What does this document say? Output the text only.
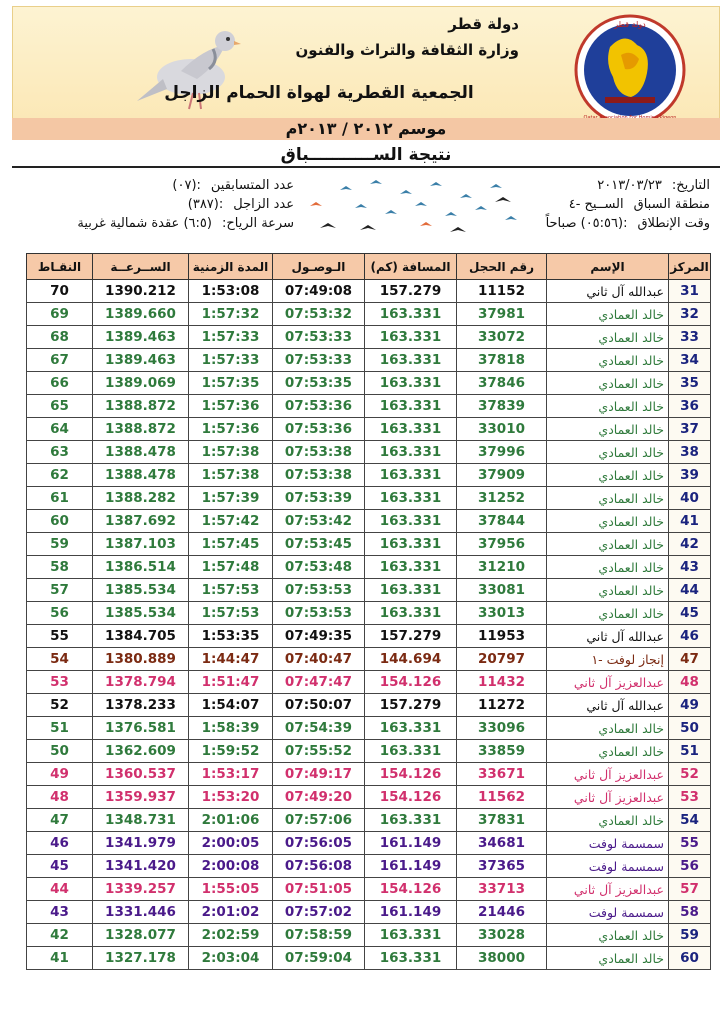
دولة قطر
وزارة الثقافة والتراث والفنون
الجمعية القطرية لهواة الحمام الزاجل
دولة قطر
موسم ٢٠١٢ / ٢٠١٣م
نتيجة الســـــــــــباق
التاريخ:
٢٠١٣/٠٣/٢٣
منطقة السباق
الســيح -٤
وقت الإنطلاق
:(٠٥:٥٦) صباحاً
عدد المتسابقين
:(٠٧)
عدد الزاجل
:(٣٨٧)
سرعة الرياح:
(٦:٥) عقدة شمالية غربية
المركز	الإسم	رقم الحجل	المسافة (كم)	الـوصـول	المدة الزمنية	الســرعــة	النقـاط
31	عبدالله آل ثاني	11152	157.279	07:49:08	1:53:08	1390.212	70
32	خالد العمادي	37981	163.331	07:53:32	1:57:32	1389.660	69
33	خالد العمادي	33072	163.331	07:53:33	1:57:33	1389.463	68
34	خالد العمادي	37818	163.331	07:53:33	1:57:33	1389.463	67
35	خالد العمادي	37846	163.331	07:53:35	1:57:35	1389.069	66
36	خالد العمادي	37839	163.331	07:53:36	1:57:36	1388.872	65
37	خالد العمادي	33010	163.331	07:53:36	1:57:36	1388.872	64
38	خالد العمادي	37996	163.331	07:53:38	1:57:38	1388.478	63
39	خالد العمادي	37909	163.331	07:53:38	1:57:38	1388.478	62
40	خالد العمادي	31252	163.331	07:53:39	1:57:39	1388.282	61
41	خالد العمادي	37844	163.331	07:53:42	1:57:42	1387.692	60
42	خالد العمادي	37956	163.331	07:53:45	1:57:45	1387.103	59
43	خالد العمادي	31210	163.331	07:53:48	1:57:48	1386.514	58
44	خالد العمادي	33081	163.331	07:53:53	1:57:53	1385.534	57
45	خالد العمادي	33013	163.331	07:53:53	1:57:53	1385.534	56
46	عبدالله آل ثاني	11953	157.279	07:49:35	1:53:35	1384.705	55
47	إنجاز لوفت -١	20797	144.694	07:40:47	1:44:47	1380.889	54
48	عبدالعزيز آل ثاني	11432	154.126	07:47:47	1:51:47	1378.794	53
49	عبدالله آل ثاني	11272	157.279	07:50:07	1:54:07	1378.233	52
50	خالد العمادي	33096	163.331	07:54:39	1:58:39	1376.581	51
51	خالد العمادي	33859	163.331	07:55:52	1:59:52	1362.609	50
52	عبدالعزيز آل ثاني	33671	154.126	07:49:17	1:53:17	1360.537	49
53	عبدالعزيز آل ثاني	11562	154.126	07:49:20	1:53:20	1359.937	48
54	خالد العمادي	37831	163.331	07:57:06	2:01:06	1348.731	47
55	سمسمة لوفت	34681	161.149	07:56:05	2:00:05	1341.979	46
56	سمسمة لوفت	37365	161.149	07:56:08	2:00:08	1341.420	45
57	عبدالعزيز آل ثاني	33713	154.126	07:51:05	1:55:05	1339.257	44
58	سمسمة لوفت	21446	161.149	07:57:02	2:01:02	1331.446	43
59	خالد العمادي	33028	163.331	07:58:59	2:02:59	1328.077	42
60	خالد العمادي	38000	163.331	07:59:04	2:03:04	1327.178	41
